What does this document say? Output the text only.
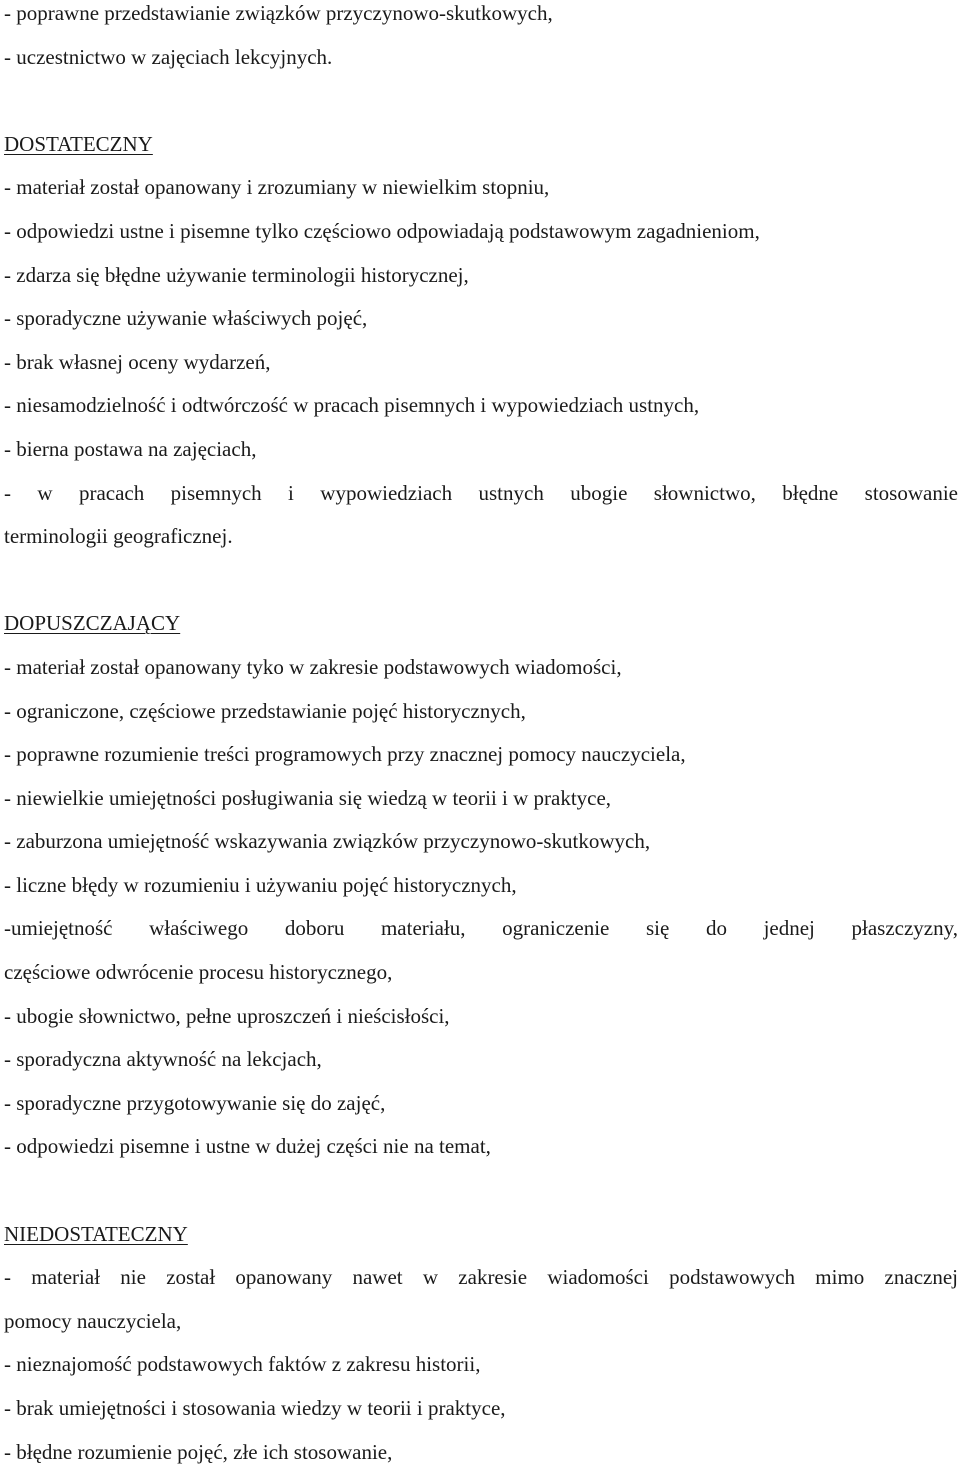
- poprawne przedstawianie związków przyczynowo-skutkowych,
- uczestnictwo w zajęciach lekcyjnych.
DOSTATECZNY
- materiał został opanowany i zrozumiany w niewielkim stopniu,
- odpowiedzi ustne i pisemne tylko częściowo odpowiadają podstawowym zagadnieniom,
- zdarza się błędne używanie terminologii historycznej,
- sporadyczne używanie właściwych pojęć,
- brak własnej oceny wydarzeń,
- niesamodzielność i odtwórczość w pracach pisemnych i wypowiedziach ustnych,
- bierna postawa na zajęciach,
- w pracach pisemnych i wypowiedziach ustnych ubogie słownictwo, błędne stosowanie
terminologii geograficznej.
DOPUSZCZAJĄCY
- materiał został opanowany tyko w zakresie podstawowych wiadomości,
- ograniczone, częściowe przedstawianie pojęć historycznych,
- poprawne rozumienie treści programowych przy znacznej pomocy nauczyciela,
- niewielkie umiejętności posługiwania się wiedzą w teorii i w praktyce,
- zaburzona umiejętność wskazywania związków przyczynowo-skutkowych,
- liczne błędy w rozumieniu i używaniu pojęć historycznych,
-umiejętność właściwego doboru materiału, ograniczenie się do jednej płaszczyzny,
częściowe odwrócenie procesu historycznego,
- ubogie słownictwo, pełne uproszczeń i nieścisłości,
- sporadyczna aktywność na lekcjach,
- sporadyczne przygotowywanie się do zajęć,
- odpowiedzi pisemne i ustne w dużej części nie na temat,
NIEDOSTATECZNY
- materiał nie został opanowany nawet w zakresie wiadomości podstawowych mimo znacznej
pomocy nauczyciela,
- nieznajomość podstawowych faktów z zakresu historii,
- brak umiejętności i stosowania wiedzy w teorii i praktyce,
- błędne rozumienie pojęć, złe ich stosowanie,
